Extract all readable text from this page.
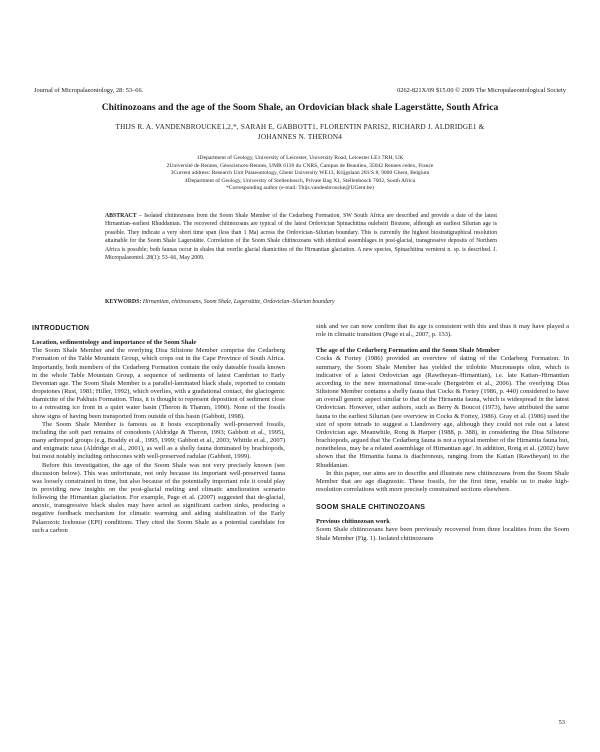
Journal of Micropalaeontology, 28: 53–66.	0262-821X/09 $15.00 © 2009 The Micropalaeontological Society
Chitinozoans and the age of the Soom Shale, an Ordovician black shale Lagerstätte, South Africa
THIJS R. A. VANDENBROUCKE1,2,*, SARAH E. GABBOTT1, FLORENTIN PARIS2, RICHARD J. ALDRIDGE1 &
JOHANNES N. THERON4
1Department of Geology, University of Leicester, University Road, Leicester LE1 7RH, UK
2Université de Rennes, Géosciences-Rennes, UMR 6118 du CNRS, Campus de Beaulieu, 35042 Rennes cedex, France
3Current address: Research Unit Palaeontology, Ghent University WE13, Krijgslaan 281/S 8, 9000 Ghent, Belgium
4Department of Geology, University of Stellenbosch, Private Bag X1, Stellenbosch 7602, South Africa
*Corresponding author (e-mail: Thijs.vandenbroucke@UGent.be)
ABSTRACT – Isolated chitinozoans from the Soom Shale Member of the Cedarberg Formation, SW South Africa are described and provide a date of the latest Hirnantian–earliest Rhuddanian. The recovered chitinozoans are typical of the latest Ordovician Spinachitina oulebsiri Biozone, although an earliest Silurian age is possible. They indicate a very short time span (less than 1 Ma) across the Ordovician–Silurian boundary. This is currently the highest biostratigraphical resolution attainable for the Soom Shale Lagerstätte. Correlation of the Soom Shale chitinozoans with identical assemblages in post-glacial, transgressive deposits of Northern Africa is possible; both faunas occur in shales that overlie glacial diamictites of the Hirnantian glaciation. A new species, Spinachitina verniersi n. sp. is described. J. Micropalaeontol. 28(1): 53–66, May 2009.
KEYWORDS: Hirnantian, chitinozoans, Soom Shale, Lagerstätte, Ordovician–Silurian boundary
INTRODUCTION

Location, sedimentology and importance of the Soom Shale

The Soom Shale Member and the overlying Disa Siltstone Member comprise the Cedarberg Formation of the Table Mountain Group, which crops out in the Cape Province of South Africa. Importantly, both members of the Cedarberg Formation contain the only dateable fossils known in the whole Table Mountain Group, a sequence of sediments of latest Cambrian to Early Devonian age. The Soom Shale Member is a parallel-laminated black shale, reported to contain dropstones (Rust, 1981; Hiller, 1992), which overlies, with a gradational contact, the glaciogenic diamictite of the Pakhuis Formation. Thus, it is thought to represent deposition of sediment close to a retreating ice front in a quiet water basin (Theron & Thamm, 1990). None of the fossils show signs of having been transported from outside of this basin (Gabbott, 1998).

The Soom Shale Member is famous as it hosts exceptionally well-preserved fossils, including the soft part remains of conodonts (Aldridge & Theron, 1993; Gabbott et al., 1995), many arthropod groups (e.g. Braddy et al., 1995, 1999; Gabbott et al., 2003; Whittle et al., 2007) and enigmatic taxa (Aldridge et al., 2001), as well as a shelly fauna dominated by brachiopods, but most notably including orthocones with well-preserved radulae (Gabbott, 1999).

Before this investigation, the age of the Soom Shale was not very precisely known (see discussion below). This was unfortunate, not only because its important well-preserved fauna was loosely constrained in time, but also because of the potentially important role it could play in providing new insights on the post-glacial melting and climatic amelioration scenario following the Hirnantian glaciation. For example, Page et al. (2007) suggested that de-glacial, anoxic, transgressive black shales may have acted as significant carbon sinks, producing a negative feedback mechanism for climatic warming and aiding stabilization of the Early Palaeozoic Icehouse (EPI) conditions. They cited the Soom Shale as a potential candidate for such a carbon

sink and we can now confirm that its age is consistent with this and thus it may have played a role in climatic transition (Page et al., 2007, p. 133).

The age of the Cedarberg Formation and the Soom Shale Member

Cocks & Fortey (1986) provided an overview of dating of the Cedarberg Formation. In summary, the Soom Shale Member has yielded the trilobite Mucronaspis olini, which is indicative of a latest Ordovician age (Rawtheyan–Hirnantian), i.e. late Katian–Hirnantian according to the new international time-scale (Bergström et al., 2006). The overlying Disa Siltstone Member contains a shelly fauna that Cocks & Fortey (1986, p. 440) considered to have an overall generic aspect similar to that of the Hirnantia fauna, which is widespread in the latest Ordovician. However, other authors, such as Berry & Boucot (1973), have attributed the same fauna to the earliest Silurian (see overview in Cocks & Fortey, 1986). Gray et al. (1986) used the size of spore tetrads to suggest a Llandovery age, although they could not rule out a latest Ordovician age. Meanwhile, Rong & Harper (1988, p. 388), in considering the Disa Siltstone brachiopods, argued that 'the Cedarberg fauna is not a typical member of the Hirnantia fauna but, nonetheless, may be a related assemblage of Hirnantian age'. In addition, Rong et al. (2002) have shown that the Hirnantia fauna is diachronous, ranging from the Katian (Rawtheyan) to the Rhuddanian.

In this paper, our aims are to describe and illustrate new chitinozoans from the Soom Shale Member that are age diagnostic. These fossils, for the first time, enable us to make high-resolution correlations with more precisely constrained sections elsewhere.

SOOM SHALE CHITINOZOANS

Previous chitinozoan work

Soom Shale chitinozoans have been previously recovered from three localities from the Soom Shale Member (Fig. 1). Isolated chitinozoans

53
